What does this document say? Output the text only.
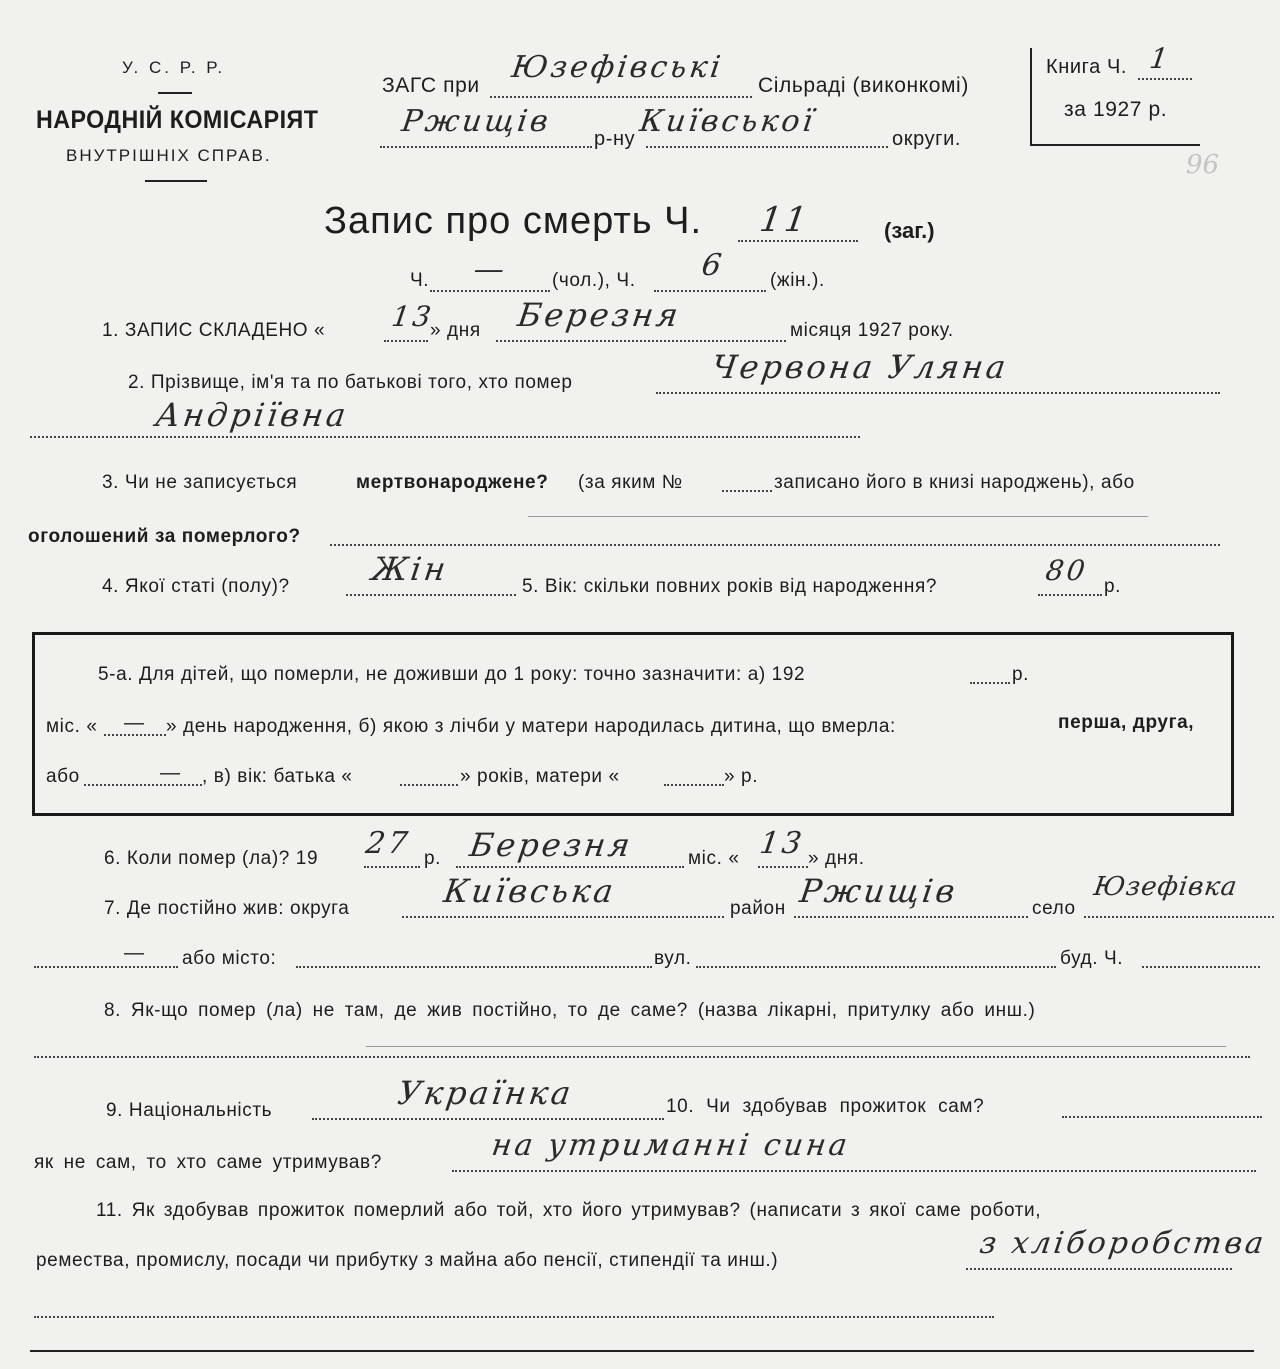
У. С. Р. Р.
НАРОДНІЙ КОМІСАРІЯТ
ВНУТРІШНІХ СПРАВ.
ЗАГС при
Юзефівські
Сільраді (виконкомі)
Ржищів р-ну Київської	округи.
Книга Ч. 1
за 1927 р.
96
Запис про смерть Ч. 11	(заг.)
Ч. — (чол.), Ч. 6 (жін.).
1. ЗАПИС СКЛАДЕНО « 13
» дня Березня	місяця 1927 року.
2. Прізвище, ім'я та по батькові того, хто помер	Червона Уляна
Андріївна
3. Чи не записується	мертвонароджене? (за яким №	записано його в книзі народжень), або
оголошений за померлого?
4. Якої статі (полу)? Жін	5. Вік: скільки повних років від народження?	80 р.
5-а. Для дітей, що померли, не доживши до 1 року: точно зазначити: а) 192	р.
міс. « — » день народження, б) якою з лічби у матери народилась дитина, що вмерла:	перша, друга,
або	— , в) вік: батька «	» років, матери «	» р.
6. Коли помер (ла)? 19 27 р. Березня	міс. « 13 » дня.
7. Де постійно жив: округа	Київська	район Ржищів	село
Юзефівка
— або місто:	вул.	буд. Ч.
8. Як-що помер (ла) не там, де жив постійно, то де саме? (назва лікарні, притулку або инш.)
9. Національність	Українка	10. Чи здобував прожиток сам?
як не сам, то хто саме утримував?	на утриманні сина
11. Як здобував прожиток померлий або той, хто його утримував? (написати з якої саме роботи,
ремества, промислу, посади чи прибутку з майна або пенсії, стипендії та инш.)	з хліборобства
